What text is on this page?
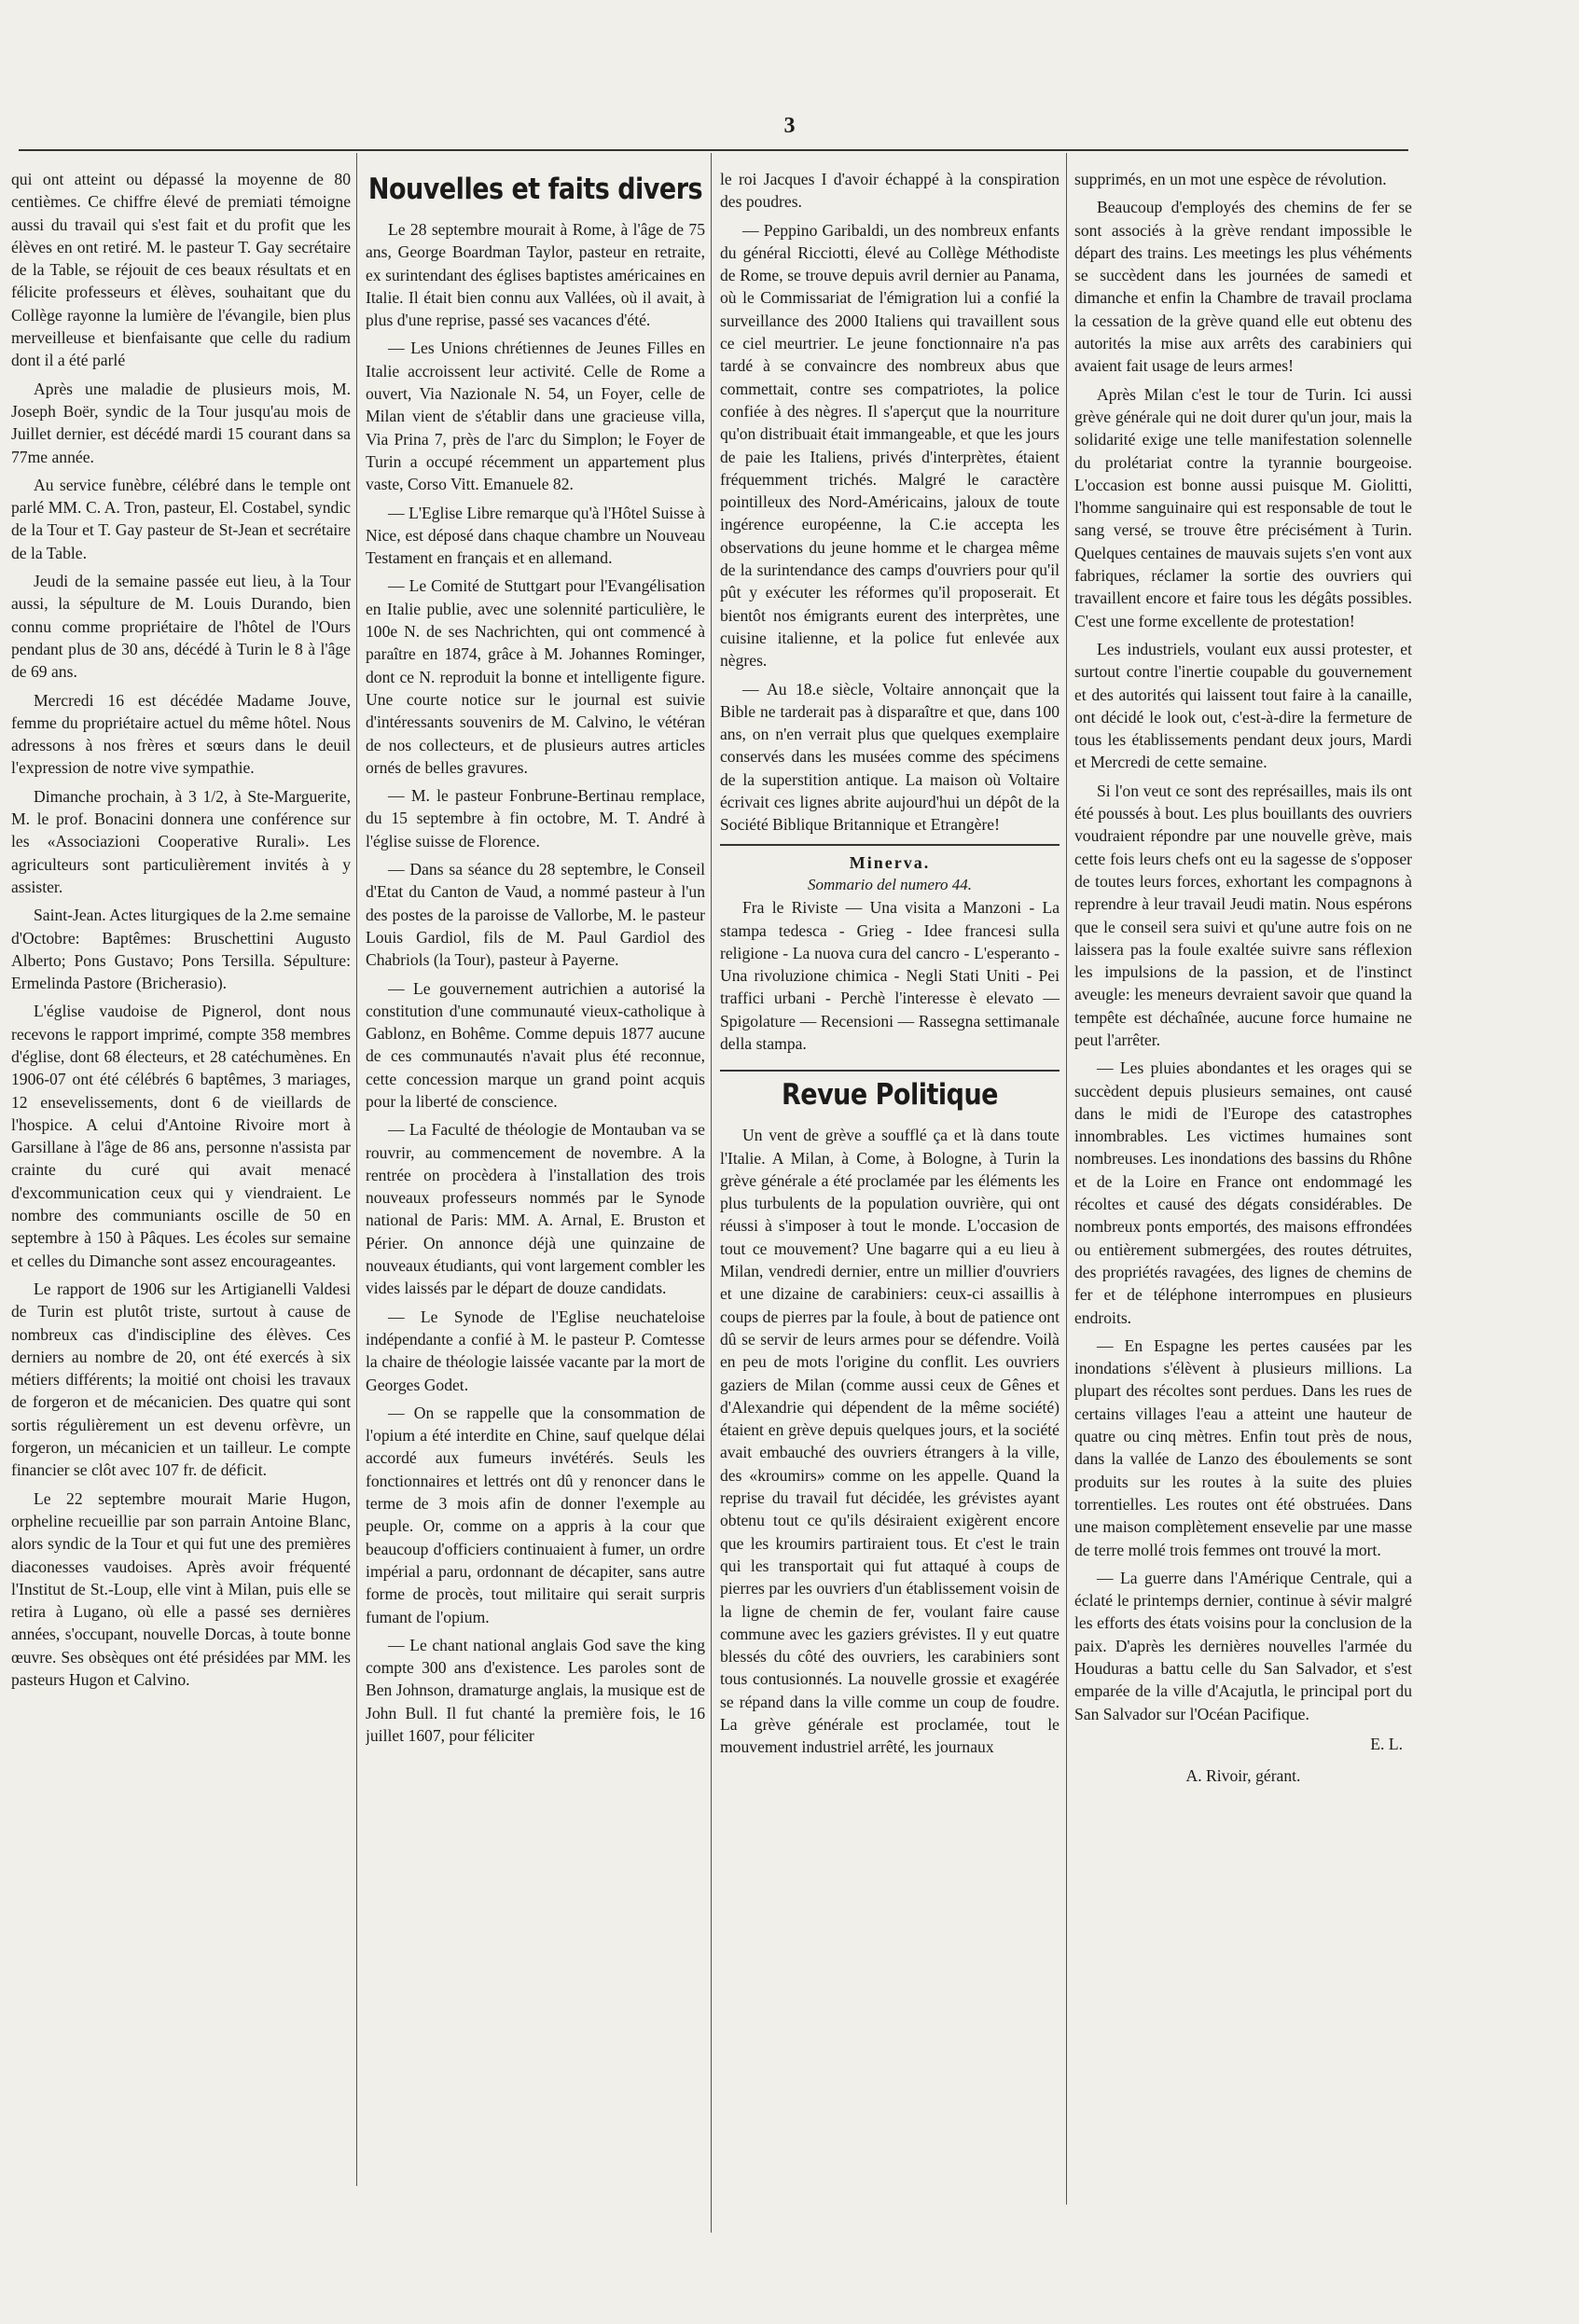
3

qui ont atteint ou dépassé la moyenne de 80 centièmes. Ce chiffre élevé de premiati témoigne aussi du travail qui s'est fait et du profit que les élèves en ont retiré. M. le pasteur T. Gay secrétaire de la Table, se réjouit de ces beaux résultats et en félicite professeurs et élèves, souhaitant que du Collège rayonne la lumière de l'évangile, bien plus merveilleuse et bienfaisante que celle du radium dont il a été parlé

Après une maladie de plusieurs mois, M. Joseph Boër, syndic de la Tour jusqu'au mois de Juillet dernier, est décédé mardi 15 courant dans sa 77me année.

Au service funèbre, célébré dans le temple ont parlé MM. C. A. Tron, pasteur, El. Costabel, syndic de la Tour et T. Gay pasteur de St-Jean et secrétaire de la Table.

Jeudi de la semaine passée eut lieu, à la Tour aussi, la sépulture de M. Louis Durando, bien connu comme propriétaire de l'hôtel de l'Ours pendant plus de 30 ans, décédé à Turin le 8 à l'âge de 69 ans.

Mercredi 16 est décédée Madame Jouve, femme du propriétaire actuel du même hôtel. Nous adressons à nos frères et sœurs dans le deuil l'expression de notre vive sympathie.

Dimanche prochain, à 3 1/2, à Ste-Marguerite, M. le prof. Bonacini donnera une conférence sur les «Associazioni Cooperative Rurali». Les agriculteurs sont particulièrement invités à y assister.

Saint-Jean. Actes liturgiques de la 2.me semaine d'Octobre: Baptêmes: Bruschettini Augusto Alberto; Pons Gustavo; Pons Tersilla. Sépulture: Ermelinda Pastore (Bricherasio).

L'église vaudoise de Pignerol, dont nous recevons le rapport imprimé, compte 358 membres d'église, dont 68 électeurs, et 28 catéchumènes. En 1906-07 ont été célébrés 6 baptêmes, 3 mariages, 12 ensevelissements, dont 6 de vieillards de l'hospice. A celui d'Antoine Rivoire mort à Garsillane à l'âge de 86 ans, personne n'assista par crainte du curé qui avait menacé d'excommunication ceux qui y viendraient. Le nombre des communiants oscille de 50 en septembre à 150 à Pâques. Les écoles sur semaine et celles du Dimanche sont assez encourageantes.

Le rapport de 1906 sur les Artigianelli Valdesi de Turin est plutôt triste, surtout à cause de nombreux cas d'indiscipline des élèves. Ces derniers au nombre de 20, ont été exercés à six métiers différents; la moitié ont choisi les travaux de forgeron et de mécanicien. Des quatre qui sont sortis régulièrement un est devenu orfèvre, un forgeron, un mécanicien et un tailleur. Le compte financier se clôt avec 107 fr. de déficit.

Le 22 septembre mourait Marie Hugon, orpheline recueillie par son parrain Antoine Blanc, alors syndic de la Tour et qui fut une des premières diaconesses vaudoises. Après avoir fréquenté l'Institut de St.-Loup, elle vint à Milan, puis elle se retira à Lugano, où elle a passé ses dernières années, s'occupant, nouvelle Dorcas, à toute bonne œuvre. Ses obsèques ont été présidées par MM. les pasteurs Hugon et Calvino.

Nouvelles et faits divers

Le 28 septembre mourait à Rome, à l'âge de 75 ans, George Boardman Taylor, pasteur en retraite, ex surintendant des églises baptistes américaines en Italie. Il était bien connu aux Vallées, où il avait, à plus d'une reprise, passé ses vacances d'été.

— Les Unions chrétiennes de Jeunes Filles en Italie accroissent leur activité. Celle de Rome a ouvert, Via Nazionale N. 54, un Foyer, celle de Milan vient de s'établir dans une gracieuse villa, Via Prina 7, près de l'arc du Simplon; le Foyer de Turin a occupé récemment un appartement plus vaste, Corso Vitt. Emanuele 82.

— L'Eglise Libre remarque qu'à l'Hôtel Suisse à Nice, est déposé dans chaque chambre un Nouveau Testament en français et en allemand.

— Le Comité de Stuttgart pour l'Evangélisation en Italie publie, avec une solennité particulière, le 100e N. de ses Nachrichten, qui ont commencé à paraître en 1874, grâce à M. Johannes Rominger, dont ce N. reproduit la bonne et intelligente figure. Une courte notice sur le journal est suivie d'intéressants souvenirs de M. Calvino, le vétéran de nos collecteurs, et de plusieurs autres articles ornés de belles gravures.

— M. le pasteur Fonbrune-Bertinau remplace, du 15 septembre à fin octobre, M. T. André à l'église suisse de Florence.

— Dans sa séance du 28 septembre, le Conseil d'Etat du Canton de Vaud, a nommé pasteur à l'un des postes de la paroisse de Vallorbe, M. le pasteur Louis Gardiol, fils de M. Paul Gardiol des Chabriols (la Tour), pasteur à Payerne.

— Le gouvernement autrichien a autorisé la constitution d'une communauté vieux-catholique à Gablonz, en Bohême. Comme depuis 1877 aucune de ces communautés n'avait plus été reconnue, cette concession marque un grand point acquis pour la liberté de conscience.

— La Faculté de théologie de Montauban va se rouvrir, au commencement de novembre. A la rentrée on procèdera à l'installation des trois nouveaux professeurs nommés par le Synode national de Paris: MM. A. Arnal, E. Bruston et Périer. On annonce déjà une quinzaine de nouveaux étudiants, qui vont largement combler les vides laissés par le départ de douze candidats.

— Le Synode de l'Eglise neuchateloise indépendante a confié à M. le pasteur P. Comtesse la chaire de théologie laissée vacante par la mort de Georges Godet.

— On se rappelle que la consommation de l'opium a été interdite en Chine, sauf quelque délai accordé aux fumeurs invétérés. Seuls les fonctionnaires et lettrés ont dû y renoncer dans le terme de 3 mois afin de donner l'exemple au peuple. Or, comme on a appris à la cour que beaucoup d'officiers continuaient à fumer, un ordre impérial a paru, ordonnant de décapiter, sans autre forme de procès, tout militaire qui serait surpris fumant de l'opium.

— Le chant national anglais God save the king compte 300 ans d'existence. Les paroles sont de Ben Johnson, dramaturge anglais, la musique est de John Bull. Il fut chanté la première fois, le 16 juillet 1607, pour féliciter

le roi Jacques I d'avoir échappé à la conspiration des poudres.

— Peppino Garibaldi, un des nombreux enfants du général Ricciotti, élevé au Collège Méthodiste de Rome, se trouve depuis avril dernier au Panama, où le Commissariat de l'émigration lui a confié la surveillance des 2000 Italiens qui travaillent sous ce ciel meurtrier. Le jeune fonctionnaire n'a pas tardé à se convaincre des nombreux abus que commettait, contre ses compatriotes, la police confiée à des nègres. Il s'aperçut que la nourriture qu'on distribuait était immangeable, et que les jours de paie les Italiens, privés d'interprètes, étaient fréquemment trichés. Malgré le caractère pointilleux des Nord-Américains, jaloux de toute ingérence européenne, la C.ie accepta les observations du jeune homme et le chargea même de la surintendance des camps d'ouvriers pour qu'il pût y exécuter les réformes qu'il proposerait. Et bientôt nos émigrants eurent des interprètes, une cuisine italienne, et la police fut enlevée aux nègres.

— Au 18.e siècle, Voltaire annonçait que la Bible ne tarderait pas à disparaître et que, dans 100 ans, on n'en verrait plus que quelques exemplaire conservés dans les musées comme des spécimens de la superstition antique. La maison où Voltaire écrivait ces lignes abrite aujourd'hui un dépôt de la Société Biblique Britannique et Etrangère!

Minerva.
Sommario del numero 44.

Fra le Riviste — Una visita a Manzoni - La stampa tedesca - Grieg - Idee francesi sulla religione - La nuova cura del cancro - L'esperanto - Una rivoluzione chimica - Negli Stati Uniti - Pei traffici urbani - Perchè l'interesse è elevato — Spigolature — Recensioni — Rassegna settimanale della stampa.

Revue Politique

Un vent de grève a soufflé ça et là dans toute l'Italie. A Milan, à Come, à Bologne, à Turin la grève générale a été proclamée par les éléments les plus turbulents de la population ouvrière, qui ont réussi à s'imposer à tout le monde. L'occasion de tout ce mouvement? Une bagarre qui a eu lieu à Milan, vendredi dernier, entre un millier d'ouvriers et une dizaine de carabiniers: ceux-ci assaillis à coups de pierres par la foule, à bout de patience ont dû se servir de leurs armes pour se défendre. Voilà en peu de mots l'origine du conflit. Les ouvriers gaziers de Milan (comme aussi ceux de Gênes et d'Alexandrie qui dépendent de la même société) étaient en grève depuis quelques jours, et la société avait embauché des ouvriers étrangers à la ville, des «kroumirs» comme on les appelle. Quand la reprise du travail fut décidée, les grévistes ayant obtenu tout ce qu'ils désiraient exigèrent encore que les kroumirs partiraient tous. Et c'est le train qui les transportait qui fut attaqué à coups de pierres par les ouvriers d'un établissement voisin de la ligne de chemin de fer, voulant faire cause commune avec les gaziers grévistes. Il y eut quatre blessés du côté des ouvriers, les carabiniers sont tous contusionnés. La nouvelle grossie et exagérée se répand dans la ville comme un coup de foudre. La grève générale est proclamée, tout le mouvement industriel arrêté, les journaux

supprimés, en un mot une espèce de révolution.

Beaucoup d'employés des chemins de fer se sont associés à la grève rendant impossible le départ des trains. Les meetings les plus véhéments se succèdent dans les journées de samedi et dimanche et enfin la Chambre de travail proclama la cessation de la grève quand elle eut obtenu des autorités la mise aux arrêts des carabiniers qui avaient fait usage de leurs armes!

Après Milan c'est le tour de Turin. Ici aussi grève générale qui ne doit durer qu'un jour, mais la solidarité exige une telle manifestation solennelle du prolétariat contre la tyrannie bourgeoise. L'occasion est bonne aussi puisque M. Giolitti, l'homme sanguinaire qui est responsable de tout le sang versé, se trouve être précisément à Turin. Quelques centaines de mauvais sujets s'en vont aux fabriques, réclamer la sortie des ouvriers qui travaillent encore et faire tous les dégâts possibles. C'est une forme excellente de protestation!

Les industriels, voulant eux aussi protester, et surtout contre l'inertie coupable du gouvernement et des autorités qui laissent tout faire à la canaille, ont décidé le look out, c'est-à-dire la fermeture de tous les établissements pendant deux jours, Mardi et Mercredi de cette semaine.

Si l'on veut ce sont des représailles, mais ils ont été poussés à bout. Les plus bouillants des ouvriers voudraient répondre par une nouvelle grève, mais cette fois leurs chefs ont eu la sagesse de s'opposer de toutes leurs forces, exhortant les compagnons à reprendre à leur travail Jeudi matin. Nous espérons que le conseil sera suivi et qu'une autre fois on ne laissera pas la foule exaltée suivre sans réflexion les impulsions de la passion, et de l'instinct aveugle: les meneurs devraient savoir que quand la tempête est déchaînée, aucune force humaine ne peut l'arrêter.

— Les pluies abondantes et les orages qui se succèdent depuis plusieurs semaines, ont causé dans le midi de l'Europe des catastrophes innombrables. Les victimes humaines sont nombreuses. Les inondations des bassins du Rhône et de la Loire en France ont endommagé les récoltes et causé des dégats considérables. De nombreux ponts emportés, des maisons effrondées ou entièrement submergées, des routes détruites, des propriétés ravagées, des lignes de chemins de fer et de téléphone interrompues en plusieurs endroits.

— En Espagne les pertes causées par les inondations s'élèvent à plusieurs millions. La plupart des récoltes sont perdues. Dans les rues de certains villages l'eau a atteint une hauteur de quatre ou cinq mètres. Enfin tout près de nous, dans la vallée de Lanzo des éboulements se sont produits sur les routes à la suite des pluies torrentielles. Les routes ont été obstruées. Dans une maison complètement ensevelie par une masse de terre mollé trois femmes ont trouvé la mort.

— La guerre dans l'Amérique Centrale, qui a éclaté le printemps dernier, continue à sévir malgré les efforts des états voisins pour la conclusion de la paix. D'après les dernières nouvelles l'armée du Houduras a battu celle du San Salvador, et s'est emparée de la ville d'Acajutla, le principal port du San Salvador sur l'Océan Pacifique.

E. L.
A. Rivoir, gérant.
